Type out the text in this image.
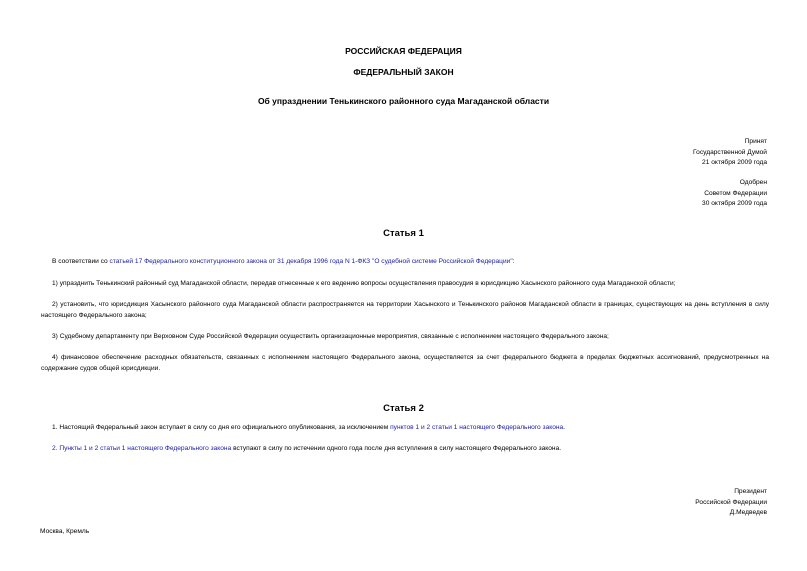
РОССИЙСКАЯ ФЕДЕРАЦИЯ
ФЕДЕРАЛЬНЫЙ ЗАКОН
Об упразднении Тенькинского районного суда Магаданской области
Принят
Государственной Думой
21 октября 2009 года
Одобрен
Советом Федерации
30 октября 2009 года
Статья 1
В соответствии со статьей 17 Федерального конституционного закона от 31 декабря 1996 года N 1-ФКЗ "О судебной системе Российской Федерации":
1) упразднить Тенькинский районный суд Магаданской области, передав отнесенные к его ведению вопросы осуществления правосудия в юрисдикцию Хасынского районного суда Магаданской области;
2) установить, что юрисдикция Хасынского районного суда Магаданской области распространяется на территории Хасынского и Тенькинского районов Магаданской области в границах, существующих на день вступления в силу настоящего Федерального закона;
3) Судебному департаменту при Верховном Суде Российской Федерации осуществить организационные мероприятия, связанные с исполнением настоящего Федерального закона;
4) финансовое обеспечение расходных обязательств, связанных с исполнением настоящего Федерального закона, осуществляется за счет федерального бюджета в пределах бюджетных ассигнований, предусмотренных на содержание судов общей юрисдикции.
Статья 2
1. Настоящий Федеральный закон вступает в силу со дня его официального опубликования, за исключением пунктов 1 и 2 статьи 1 настоящего Федерального закона.
2. Пункты 1 и 2 статьи 1 настоящего Федерального закона вступают в силу по истечении одного года после дня вступления в силу настоящего Федерального закона.
Президент
Российской Федерации
Д.Медведев
Москва, Кремль
